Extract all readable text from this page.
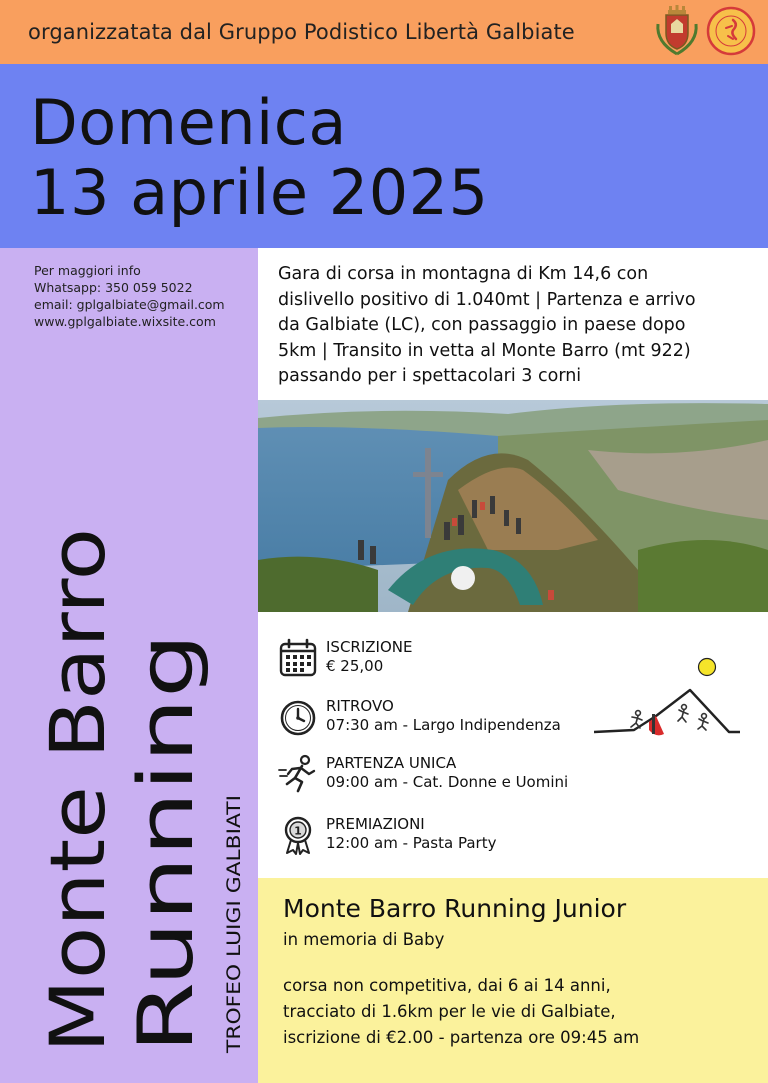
organizzatata dal Gruppo Podistico Libertà Galbiate
Domenica
13 aprile 2025
Per maggiori info
Whatsapp: 350 059 5022
email: gplgalbiate@gmail.com
www.gplgalbiate.wixsite.com
Monte Barro Running TROFEO LUIGI GALBIATI
Gara di corsa in montagna di Km 14,6 con
dislivello positivo di 1.040mt | Partenza e arrivo
da Galbiate (LC), con passaggio in paese dopo
5km | Transito in vetta al Monte Barro (mt 922)
passando per i spettacolari 3 corni
ISCRIZIONE
€ 25,00
RITROVO
07:30 am - Largo Indipendenza
PARTENZA UNICA
09:00 am - Cat. Donne e Uomini
1 PREMIAZIONI
12:00 am - Pasta Party
Monte Barro Running Junior
in memoria di Baby
corsa non competitiva, dai 6 ai 14 anni,
tracciato di 1.6km per le vie di Galbiate,
iscrizione di €2.00 - partenza ore 09:45 am
